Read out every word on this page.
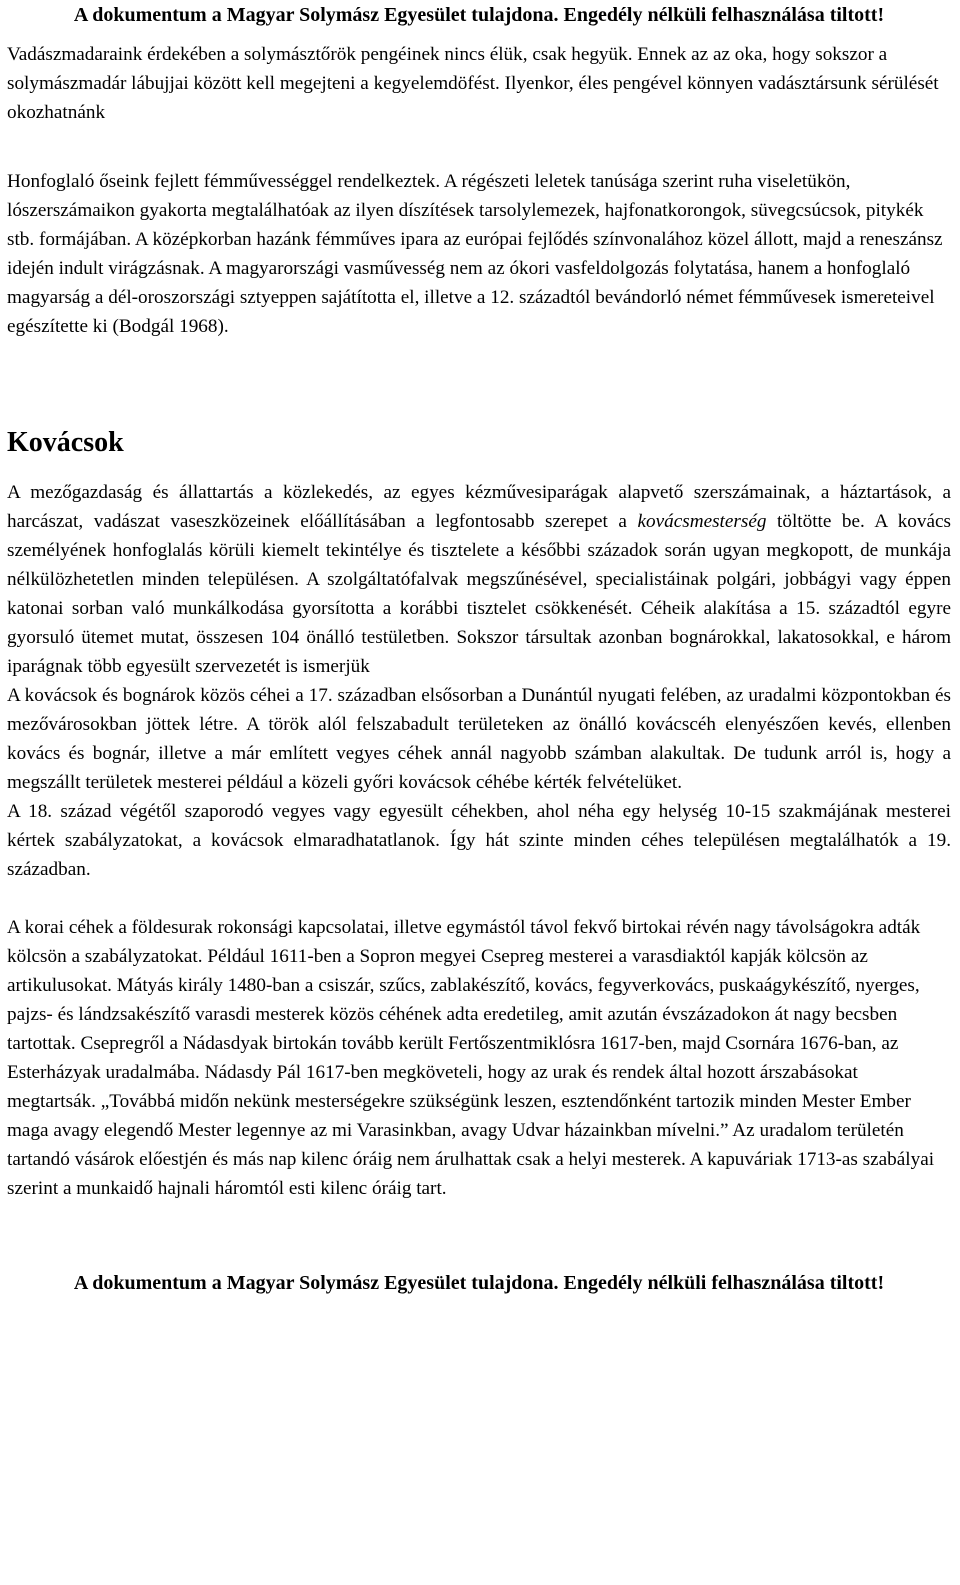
A dokumentum a Magyar Solymász Egyesület tulajdona. Engedély nélküli felhasználása tiltott!

Vadászmadaraink érdekében a solymásztőrök pengéinek nincs élük, csak hegyük. Ennek az az oka, hogy sokszor a solymászmadár lábujjai között kell megejteni a kegyelemdöfést. Ilyenkor, éles pengével könnyen vadásztársunk sérülését okozhatnánk

Honfoglaló őseink fejlett fémművességgel rendelkeztek. A régészeti leletek tanúsága szerint ruha viseletükön, lószerszámaikon gyakorta megtalálhatóak az ilyen díszítések tarsolylemezek, hajfonatkorongok, süvegcsúcsok, pitykék stb. formájában. A középkorban hazánk fémműves ipara az európai fejlődés színvonalához közel állott, majd a reneszánsz idején indult virágzásnak. A magyarországi vasművesség nem az ókori vasfeldolgozás folytatása, hanem a honfoglaló magyarság a dél-oroszországi sztyeppen sajátította el, illetve a 12. századtól bevándorló német fémművesek ismereteivel egészítette ki (Bodgál 1968).

Kovácsok

A mezőgazdaság és állattartás a közlekedés, az egyes kézművesiparágak alapvető szerszámainak, a háztartások, a harcászat, vadászat vaseszközeinek előállításában a legfontosabb szerepet a kovácsmesterség töltötte be. A kovács személyének honfoglalás körüli kiemelt tekintélye és tisztelete a későbbi századok során ugyan megkopott, de munkája nélkülözhetetlen minden településen. A szolgáltatófalvak megszűnésével, specialistáinak polgári, jobbágyi vagy éppen katonai sorban való munkálkodása gyorsította a korábbi tisztelet csökkenését. Céheik alakítása a 15. századtól egyre gyorsuló ütemet mutat, összesen 104 önálló testületben. Sokszor társultak azonban bognárokkal, lakatosokkal, e három iparágnak több egyesült szervezetét is ismerjük

A kovácsok és bognárok közös céhei a 17. században elsősorban a Dunántúl nyugati felében, az uradalmi központokban és mezővárosokban jöttek létre. A török alól felszabadult területeken az önálló kovácscéh elenyészően kevés, ellenben kovács és bognár, illetve a már említett vegyes céhek annál nagyobb számban alakultak. De tudunk arról is, hogy a megszállt területek mesterei például a közeli győri kovácsok céhébe kérték felvételüket.

A 18. század végétől szaporodó vegyes vagy egyesült céhekben, ahol néha egy helység 10-15 szakmájának mesterei kértek szabályzatokat, a kovácsok elmaradhatatlanok. Így hát szinte minden céhes településen megtalálhatók a 19. században.

A korai céhek a földesurak rokonsági kapcsolatai, illetve egymástól távol fekvő birtokai révén nagy távolságokra adták kölcsön a szabályzatokat. Például 1611-ben a Sopron megyei Csepreg mesterei a varasdiaktól kapják kölcsön az artikulusokat. Mátyás király 1480-ban a csiszár, szűcs, zablakészítő, kovács, fegyverkovács, puskaágykészítő, nyerges, pajzs- és lándzsakészítő varasdi mesterek közös céhének adta eredetileg, amit azután évszázadokon át nagy becsben tartottak. Csepregről a Nádasdyak birtokán tovább került Fertőszentmiklósra 1617-ben, majd Csornára 1676-ban, az Esterházyak uradalmába. Nádasdy Pál 1617-ben megköveteli, hogy az urak és rendek által hozott árszabásokat megtartsák. „Továbbá midőn nekünk mesterségekre szükségünk leszen, esztendőnként tartozik minden Mester Ember maga avagy elegendő Mester legennye az mi Varasinkban, avagy Udvar házainkban mívelni.” Az uradalom területén tartandó vásárok előestjén és más nap kilenc óráig nem árulhattak csak a helyi mesterek. A kapuváriak 1713-as szabályai szerint a munkaidő hajnali háromtól esti kilenc óráig tart.

A dokumentum a Magyar Solymász Egyesület tulajdona. Engedély nélküli felhasználása tiltott!
